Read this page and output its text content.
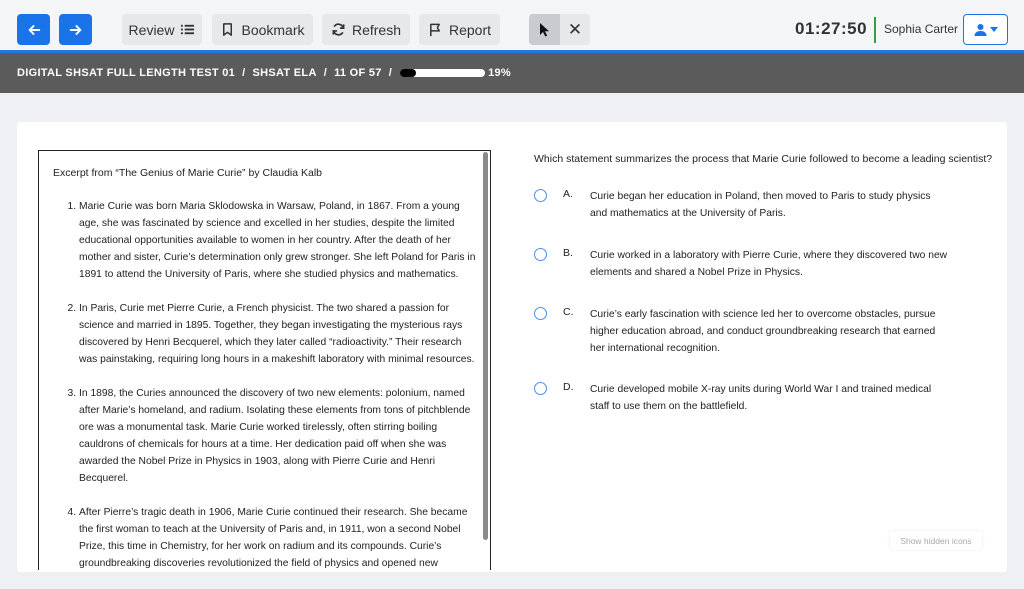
Review	Bookmark	Refresh	Report	✕	01:27:50 Sophia Carter
DIGITAL SHSAT FULL LENGTH TEST 01 / SHSAT ELA / 11 OF 57 /	19%
Excerpt from “The Genius of Marie Curie” by Claudia Kalb
1. Marie Curie was born Maria Sklodowska in Warsaw, Poland, in 1867. From a young age, she was fascinated by science and excelled in her studies, despite the limited educational opportunities available to women in her country. After the death of her mother and sister, Curie’s determination only grew stronger. She left Poland for Paris in 1891 to attend the University of Paris, where she studied physics and mathematics.
2. In Paris, Curie met Pierre Curie, a French physicist. The two shared a passion for science and married in 1895. Together, they began investigating the mysterious rays discovered by Henri Becquerel, which they later called “radioactivity.” Their research was painstaking, requiring long hours in a makeshift laboratory with minimal resources.
3. In 1898, the Curies announced the discovery of two new elements: polonium, named after Marie’s homeland, and radium. Isolating these elements from tons of pitchblende ore was a monumental task. Marie Curie worked tirelessly, often stirring boiling cauldrons of chemicals for hours at a time. Her dedication paid off when she was awarded the Nobel Prize in Physics in 1903, along with Pierre Curie and Henri Becquerel.
4. After Pierre’s tragic death in 1906, Marie Curie continued their research. She became the first woman to teach at the University of Paris and, in 1911, won a second Nobel Prize, this time in Chemistry, for her work on radium and its compounds. Curie’s groundbreaking discoveries revolutionized the field of physics and opened new
Which statement summarizes the process that Marie Curie followed to become a leading scientist?
A. Curie began her education in Poland, then moved to Paris to study physics and mathematics at the University of Paris.
B. Curie worked in a laboratory with Pierre Curie, where they discovered two new elements and shared a Nobel Prize in Physics.
C. Curie’s early fascination with science led her to overcome obstacles, pursue higher education abroad, and conduct groundbreaking research that earned her international recognition.
D. Curie developed mobile X-ray units during World War I and trained medical staff to use them on the battlefield.
Show hidden icons
